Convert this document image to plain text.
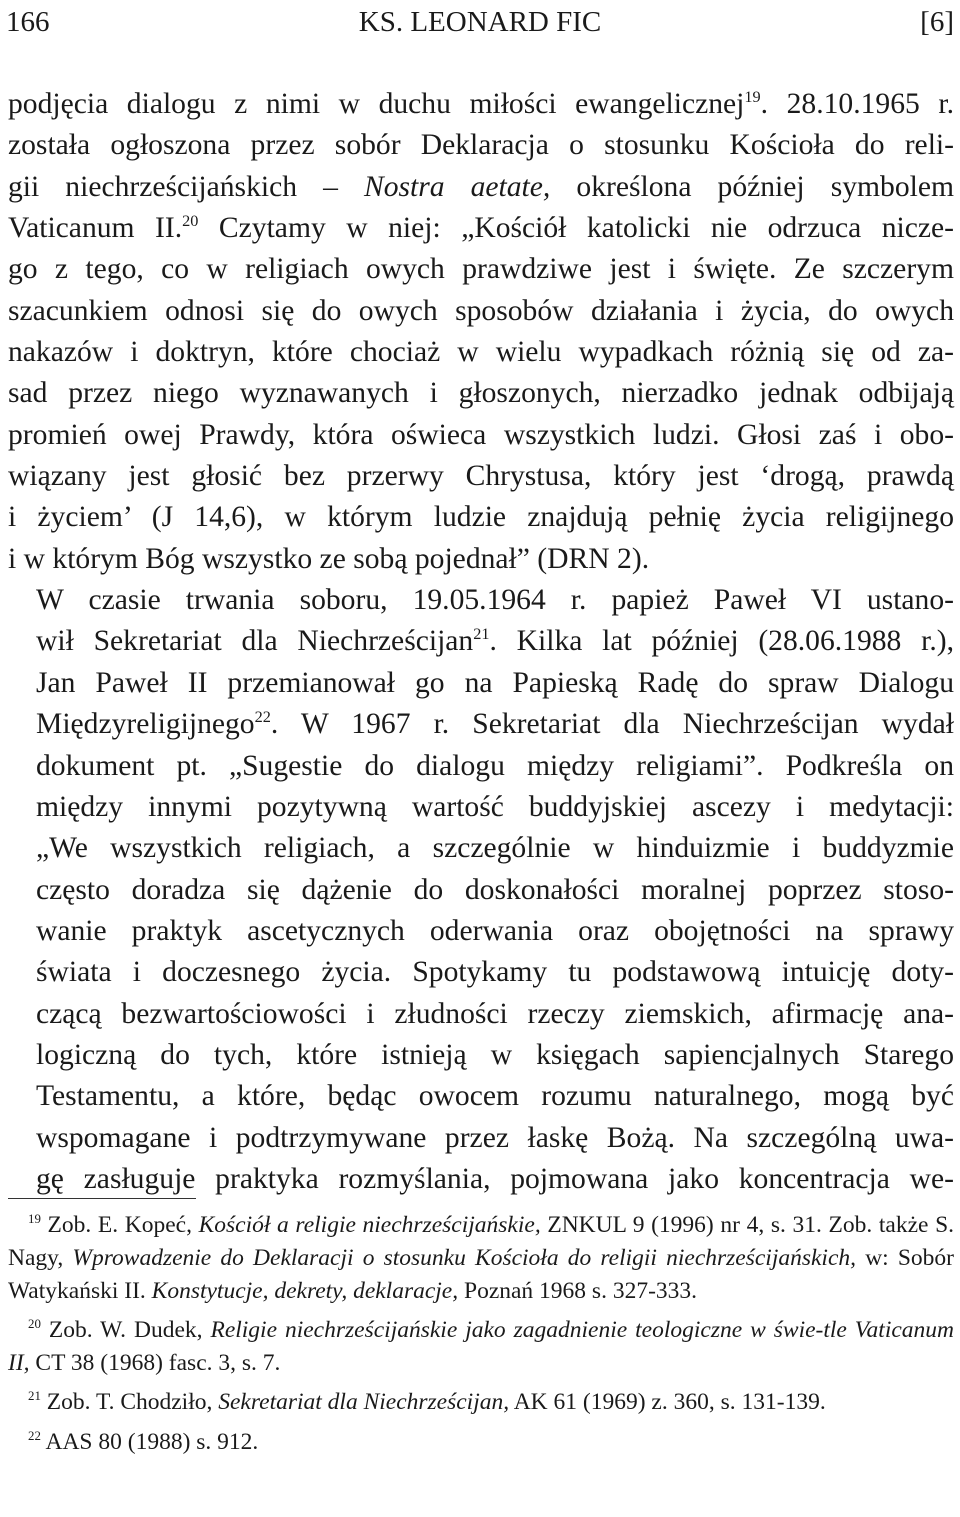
166	KS. LEONARD FIC	[6]

podjęcia dialogu z nimi w duchu miłości ewangelicznej$^{19}$. 28.10.1965 r.
została ogłoszona przez sobór Deklaracja o stosunku Kościoła do reli-
gii niechrześcijańskich – Nostra aetate, określona później symbolem
Vaticanum II.$^{20}$ Czytamy w niej: „Kościół katolicki nie odrzuca nicze-
go z tego, co w religiach owych prawdziwe jest i święte. Ze szczerym
szacunkiem odnosi się do owych sposobów działania i życia, do owych
nakazów i doktryn, które chociaż w wielu wypadkach różnią się od za-
sad przez niego wyznawanych i głoszonych, nierzadko jednak odbijają
promień owej Prawdy, która oświeca wszystkich ludzi. Głosi zaś i obo-
wiązany jest głosić bez przerwy Chrystusa, który jest ‘drogą, prawdą
i życiem’ (J 14,6), w którym ludzie znajdują pełnię życia religijnego
i w którym Bóg wszystko ze sobą pojednał” (DRN 2).

W czasie trwania soboru, 19.05.1964 r. papież Paweł VI ustano-
wił Sekretariat dla Niechrześcijan$^{21}$. Kilka lat później (28.06.1988 r.),
Jan Paweł II przemianował go na Papieską Radę do spraw Dialogu
Międzyreligijnego$^{22}$. W 1967 r. Sekretariat dla Niechrześcijan wydał
dokument pt. „Sugestie do dialogu między religiami”. Podkreśla on
między innymi pozytywną wartość buddyjskiej ascezy i medytacji:
„We wszystkich religiach, a szczególnie w hinduizmie i buddyzmie
często doradza się dążenie do doskonałości moralnej poprzez stoso-
wanie praktyk ascetycznych oderwania oraz obojętności na sprawy
świata i doczesnego życia. Spotykamy tu podstawową intuicję doty-
czącą bezwartościowości i złudności rzeczy ziemskich, afirmację ana-
logiczną do tych, które istnieją w księgach sapiencjalnych Starego
Testamentu, a które, będąc owocem rozumu naturalnego, mogą być
wspomagane i podtrzymywane przez łaskę Bożą. Na szczególną uwa-
gę zasługuje praktyka rozmyślania, pojmowana jako koncentracja we-

$^{19}$ Zob. E. Kopeć, Kościół a religie niechrześcijańskie, ZNKUL 9 (1996) nr 4, s. 31. Zob. także S. Nagy, Wprowadzenie do Deklaracji o stosunku Kościoła do religii niechrześcijańskich, w: Sobór Watykański II. Konstytucje, dekrety, deklaracje, Poznań 1968 s. 327-333.

$^{20}$ Zob. W. Dudek, Religie niechrześcijańskie jako zagadnienie teologiczne w świe-tle Vaticanum II, CT 38 (1968) fasc. 3, s. 7.

$^{21}$ Zob. T. Chodziło, Sekretariat dla Niechrześcijan, AK 61 (1969) z. 360, s. 131-139.

$^{22}$ AAS 80 (1988) s. 912.
